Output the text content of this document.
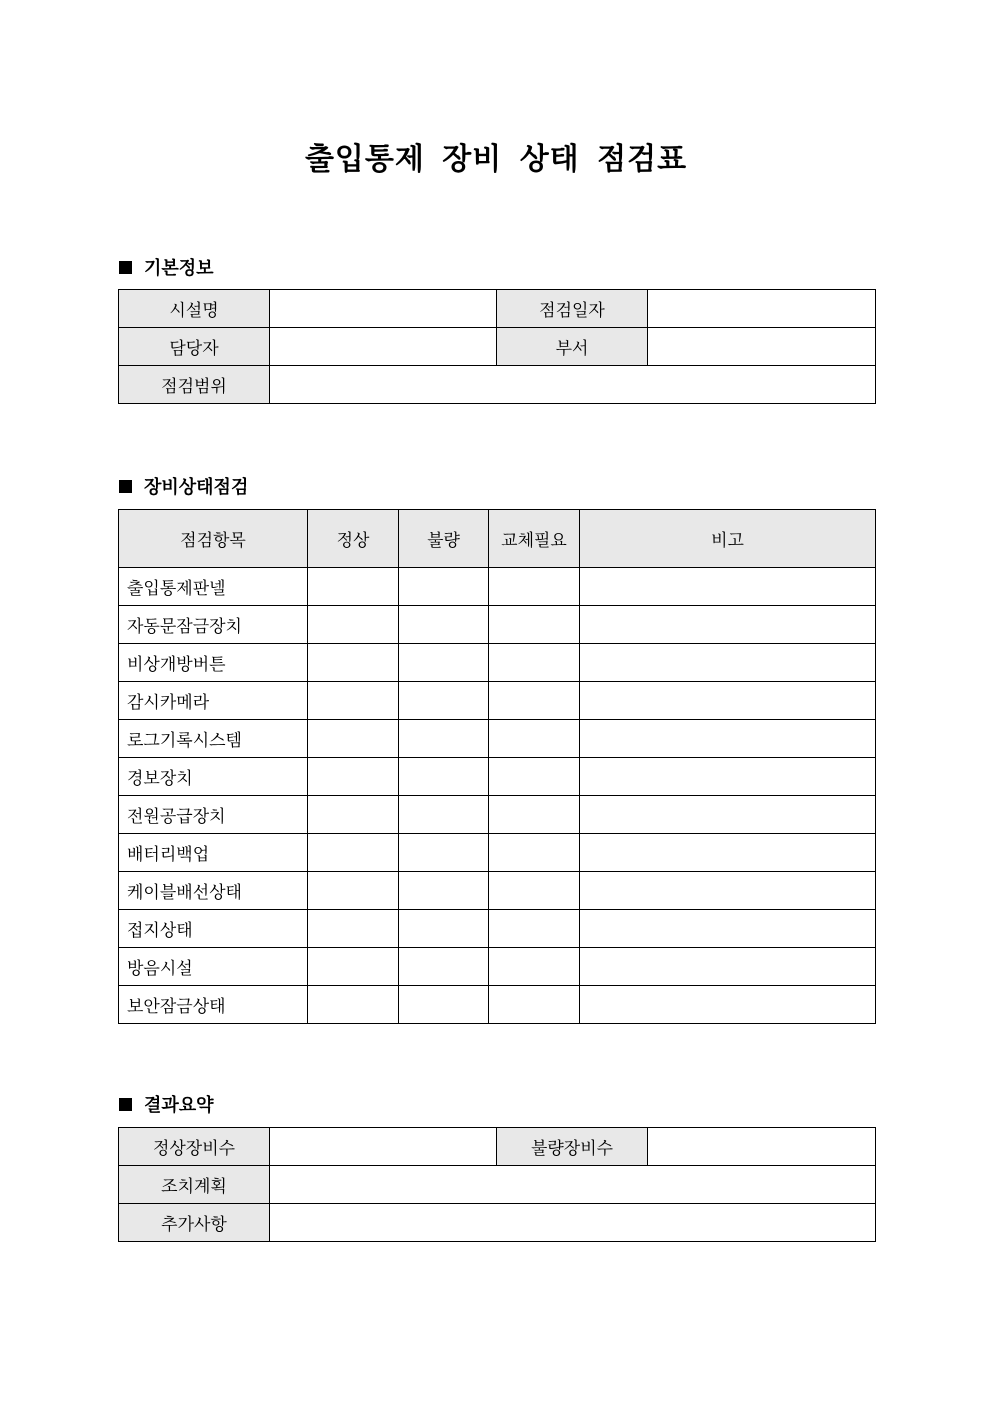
출입통제 장비 상태 점검표
기본정보
시설명		점검일자	
담당자		부서	
점검범위			
장비상태점검
점검항목	정상	불량	교체필요	비고
출입통제판넬				
자동문잠금장치				
비상개방버튼				
감시카메라				
로그기록시스템				
경보장치				
전원공급장치				
배터리백업				
케이블배선상태				
접지상태				
방음시설				
보안잠금상태				
결과요약
정상장비수		불량장비수	
조치계획			
추가사항			
